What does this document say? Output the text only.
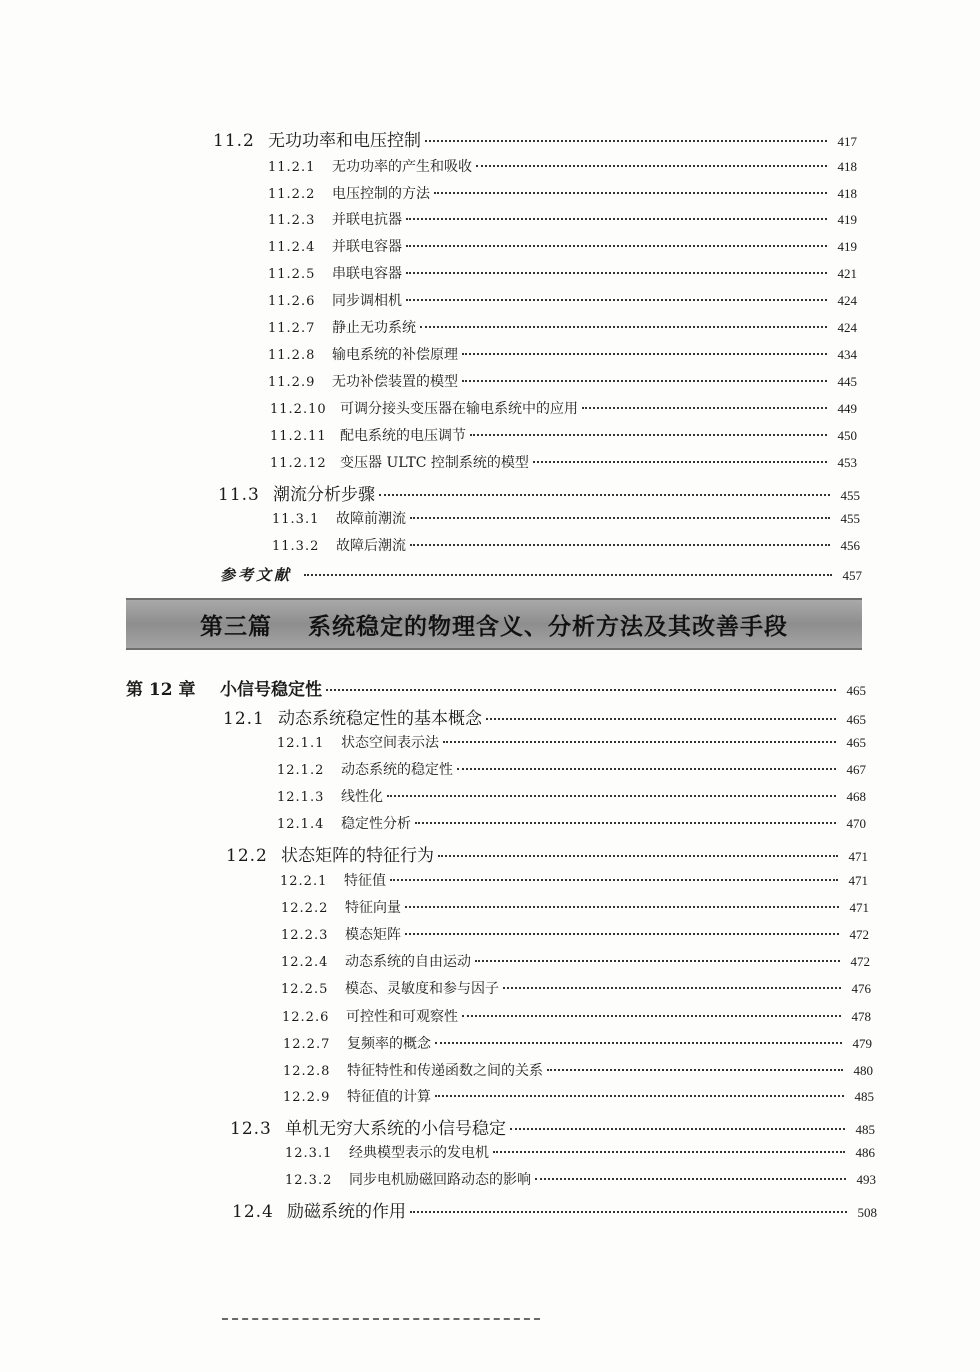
11.2 无功功率和电压控制	417
11.2.1	无功功率的产生和吸收	418
11.2.2	电压控制的方法	418
11.2.3	并联电抗器	419
11.2.4	并联电容器	419
11.2.5	串联电容器	421
11.2.6	同步调相机	424
11.2.7	静止无功系统	424
11.2.8	输电系统的补偿原理	434
11.2.9	无功补偿装置的模型	445
11.2.10 可调分接头变压器在输电系统中的应用	449
11.2.11 配电系统的电压调节	450
11.2.12 变压器 ULTC 控制系统的模型	453
11.3 潮流分析步骤	455
11.3.1	故障前潮流	455
11.3.2	故障后潮流	456
参考文献	457
第三篇 系统稳定的物理含义、分析方法及其改善手段
第 12 章	小信号稳定性	465
12.1 动态系统稳定性的基本概念	465
12.1.1	状态空间表示法	465
12.1.2	动态系统的稳定性	467
12.1.3	线性化	468
12.1.4	稳定性分析	470
12.2 状态矩阵的特征行为	471
12.2.1	特征值	471
12.2.2	特征向量	471
12.2.3	模态矩阵	472
12.2.4	动态系统的自由运动	472
12.2.5	模态、灵敏度和参与因子	476
12.2.6	可控性和可观察性	478
12.2.7	复频率的概念	479
12.2.8	特征特性和传递函数之间的关系	480
12.2.9	特征值的计算	485
12.3 单机无穷大系统的小信号稳定	485
12.3.1	经典模型表示的发电机	486
12.3.2	同步电机励磁回路动态的影响	493
12.4 励磁系统的作用	508
